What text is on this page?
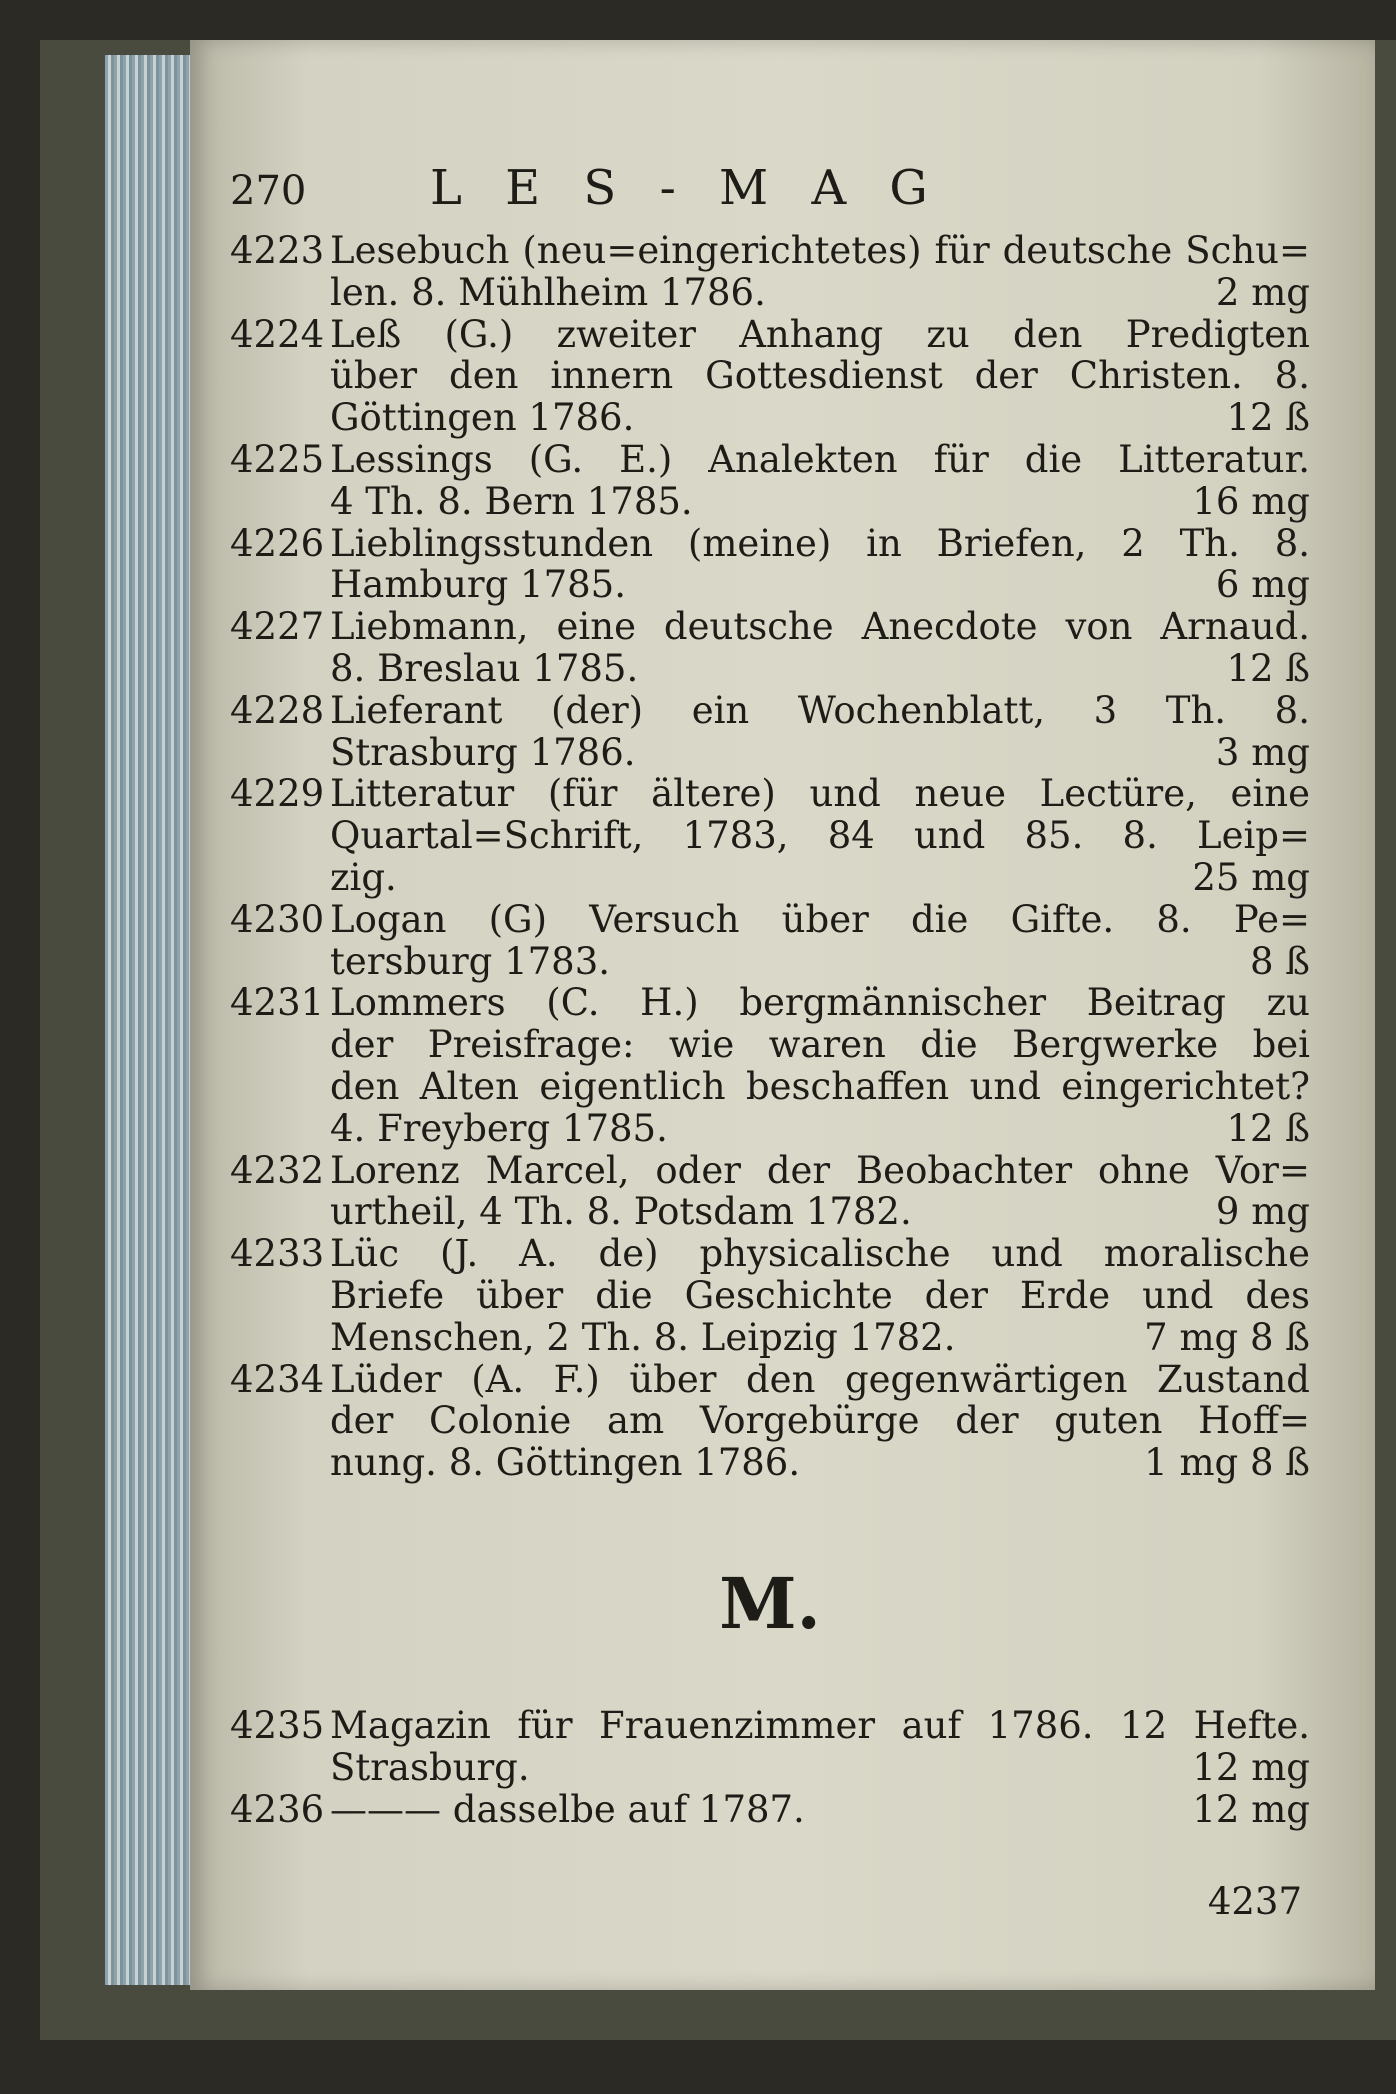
270	L E S - M A G
4223 Lesebuch (neu=eingerichtetes) für deutsche Schu=
len. 8. Mühlheim 1786.	2 mg
4224 Leß (G.) zweiter Anhang zu den Predigten
über den innern Gottesdienst der Christen. 8.
Göttingen 1786.	12 ß
4225 Lessings (G. E.) Analekten für die Litteratur.
4 Th. 8. Bern 1785.	16 mg
4226 Lieblingsstunden (meine) in Briefen, 2 Th. 8.
Hamburg 1785.	6 mg
4227 Liebmann, eine deutsche Anecdote von Arnaud.
8. Breslau 1785.	12 ß
4228 Lieferant (der) ein Wochenblatt, 3 Th. 8.
Strasburg 1786.	3 mg
4229 Litteratur (für ältere) und neue Lectüre, eine
Quartal=Schrift, 1783, 84 und 85. 8. Leip=
zig.	25 mg
4230 Logan (G) Versuch über die Gifte. 8. Pe=
tersburg 1783.	8 ß
4231 Lommers (C. H.) bergmännischer Beitrag zu
der Preisfrage: wie waren die Bergwerke bei
den Alten eigentlich beschaffen und eingerichtet?
4. Freyberg 1785.	12 ß
4232 Lorenz Marcel, oder der Beobachter ohne Vor=
urtheil, 4 Th. 8. Potsdam 1782.	9 mg
4233 Lüc (J. A. de) physicalische und moralische
Briefe über die Geschichte der Erde und des
Menschen, 2 Th. 8. Leipzig 1782.	7 mg 8 ß
4234 Lüder (A. F.) über den gegenwärtigen Zustand
der Colonie am Vorgebürge der guten Hoff=
nung. 8. Göttingen 1786.	1 mg 8 ß
M.
4235 Magazin für Frauenzimmer auf 1786. 12 Hefte.
Strasburg.	12 mg
4236 ——— dasselbe auf 1787.	12 mg
4237
